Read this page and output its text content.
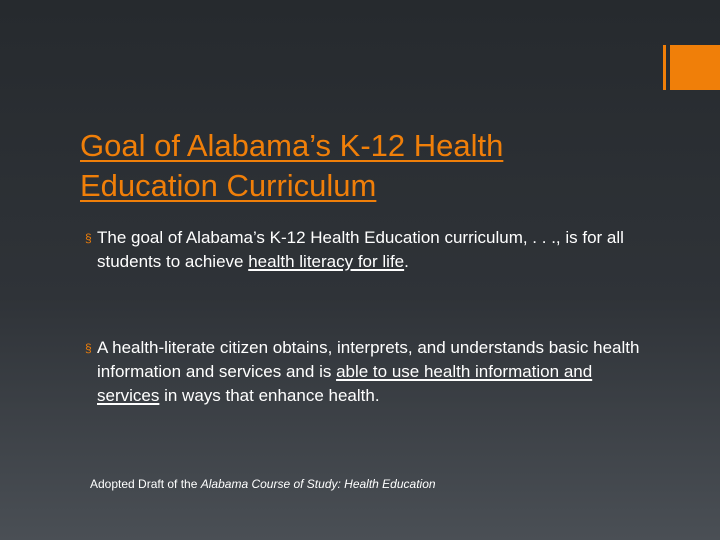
Goal of Alabama’s K-12 Health Education Curriculum
§ The goal of Alabama’s K-12 Health Education curriculum, . . ., is for all students to achieve health literacy for life.
§ A health-literate citizen obtains, interprets, and understands basic health information and services and is able to use health information and services in ways that enhance health.
Adopted Draft of the Alabama Course of Study: Health Education
